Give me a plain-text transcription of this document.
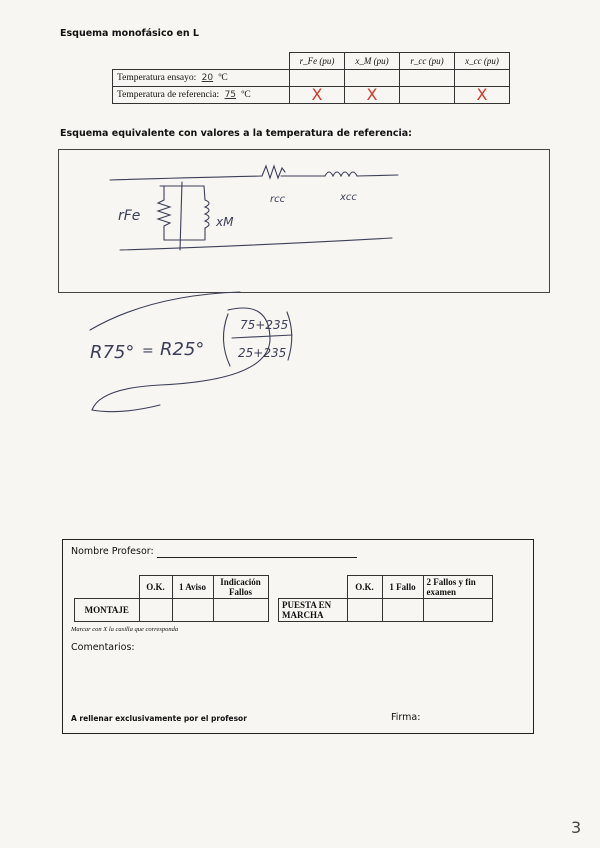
Esquema monofásico en L
	r_Fe (pu)	x_M (pu)	r_cc (pu)	x_cc (pu)
Temperatura ensayo: 20 ºC				
Temperatura de referencia: 75 ºC	X	X		X
Esquema equivalente con valores a la temperatura de referencia:
rFe	xM
rcc	xcc
R75° = R25°
75+235
25+235
Nombre Profesor:
	O.K.	1 Aviso	Indicación Fallos
MONTAJE			
	O.K.	1 Fallo	2 Fallos y fin examen
PUESTA EN MARCHA			
Marcar con X la casilla que corresponda
Comentarios:
A rellenar exclusivamente por el profesor	Firma:
3
